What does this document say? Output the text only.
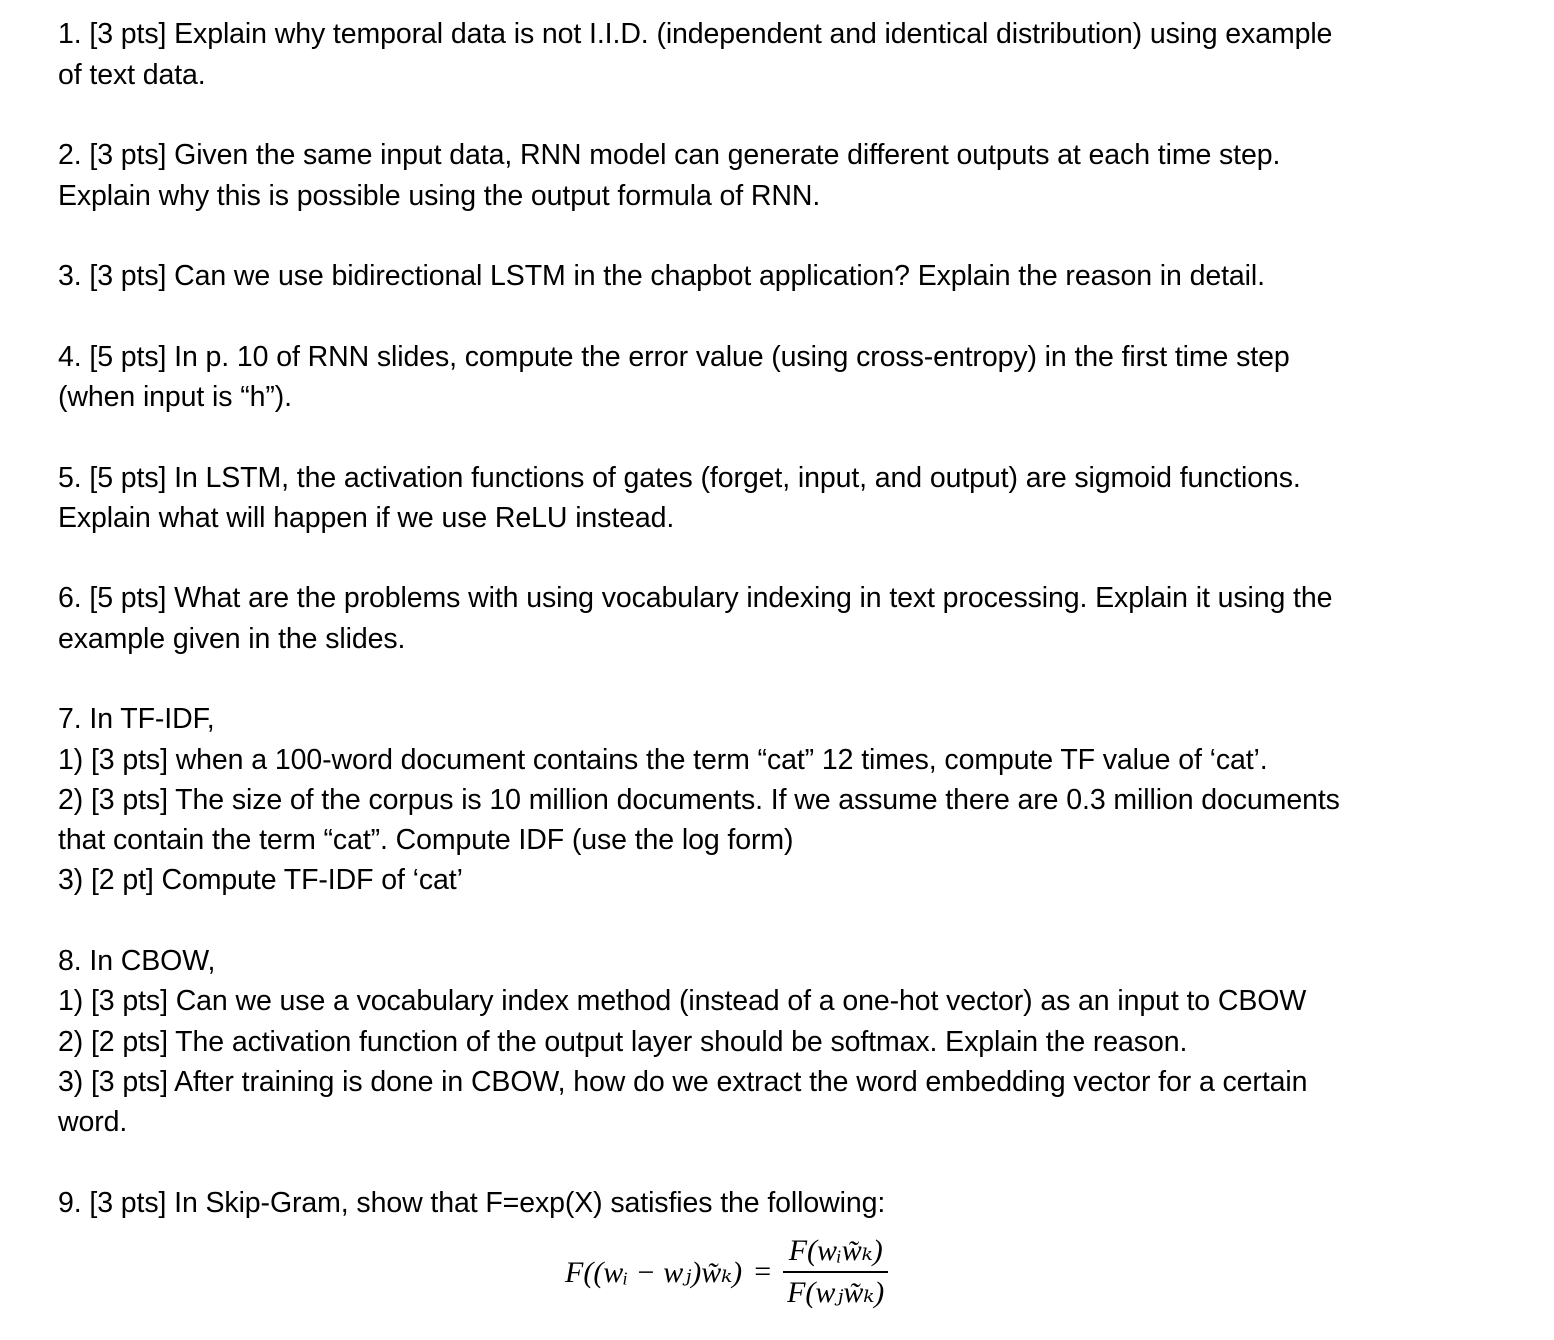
1. [3 pts] Explain why temporal data is not I.I.D. (independent and identical distribution) using example
of text data.
2. [3 pts] Given the same input data, RNN model can generate different outputs at each time step.
Explain why this is possible using the output formula of RNN.
3. [3 pts] Can we use bidirectional LSTM in the chapbot application? Explain the reason in detail.
4. [5 pts] In p. 10 of RNN slides, compute the error value (using cross-entropy) in the first time step
(when input is “h”).
5. [5 pts] In LSTM, the activation functions of gates (forget, input, and output) are sigmoid functions.
Explain what will happen if we use ReLU instead.
6. [5 pts] What are the problems with using vocabulary indexing in text processing. Explain it using the
example given in the slides.
7. In TF-IDF,
1) [3 pts] when a 100-word document contains the term “cat” 12 times, compute TF value of ‘cat’.
2) [3 pts] The size of the corpus is 10 million documents. If we assume there are 0.3 million documents
that contain the term “cat”. Compute IDF (use the log form)
3) [2 pt] Compute TF-IDF of ‘cat’
8. In CBOW,
1) [3 pts] Can we use a vocabulary index method (instead of a one-hot vector) as an input to CBOW
2) [2 pts] The activation function of the output layer should be softmax. Explain the reason.
3) [3 pts] After training is done in CBOW, how do we extract the word embedding vector for a certain
word.
9. [3 pts] In Skip-Gram, show that F=exp(X) satisfies the following:
F((wᵢ − wⱼ)w̃ₖ) = $\frac{\text{F(wᵢw̃ₖ)}}{\text{F(wⱼw̃ₖ)}}$
